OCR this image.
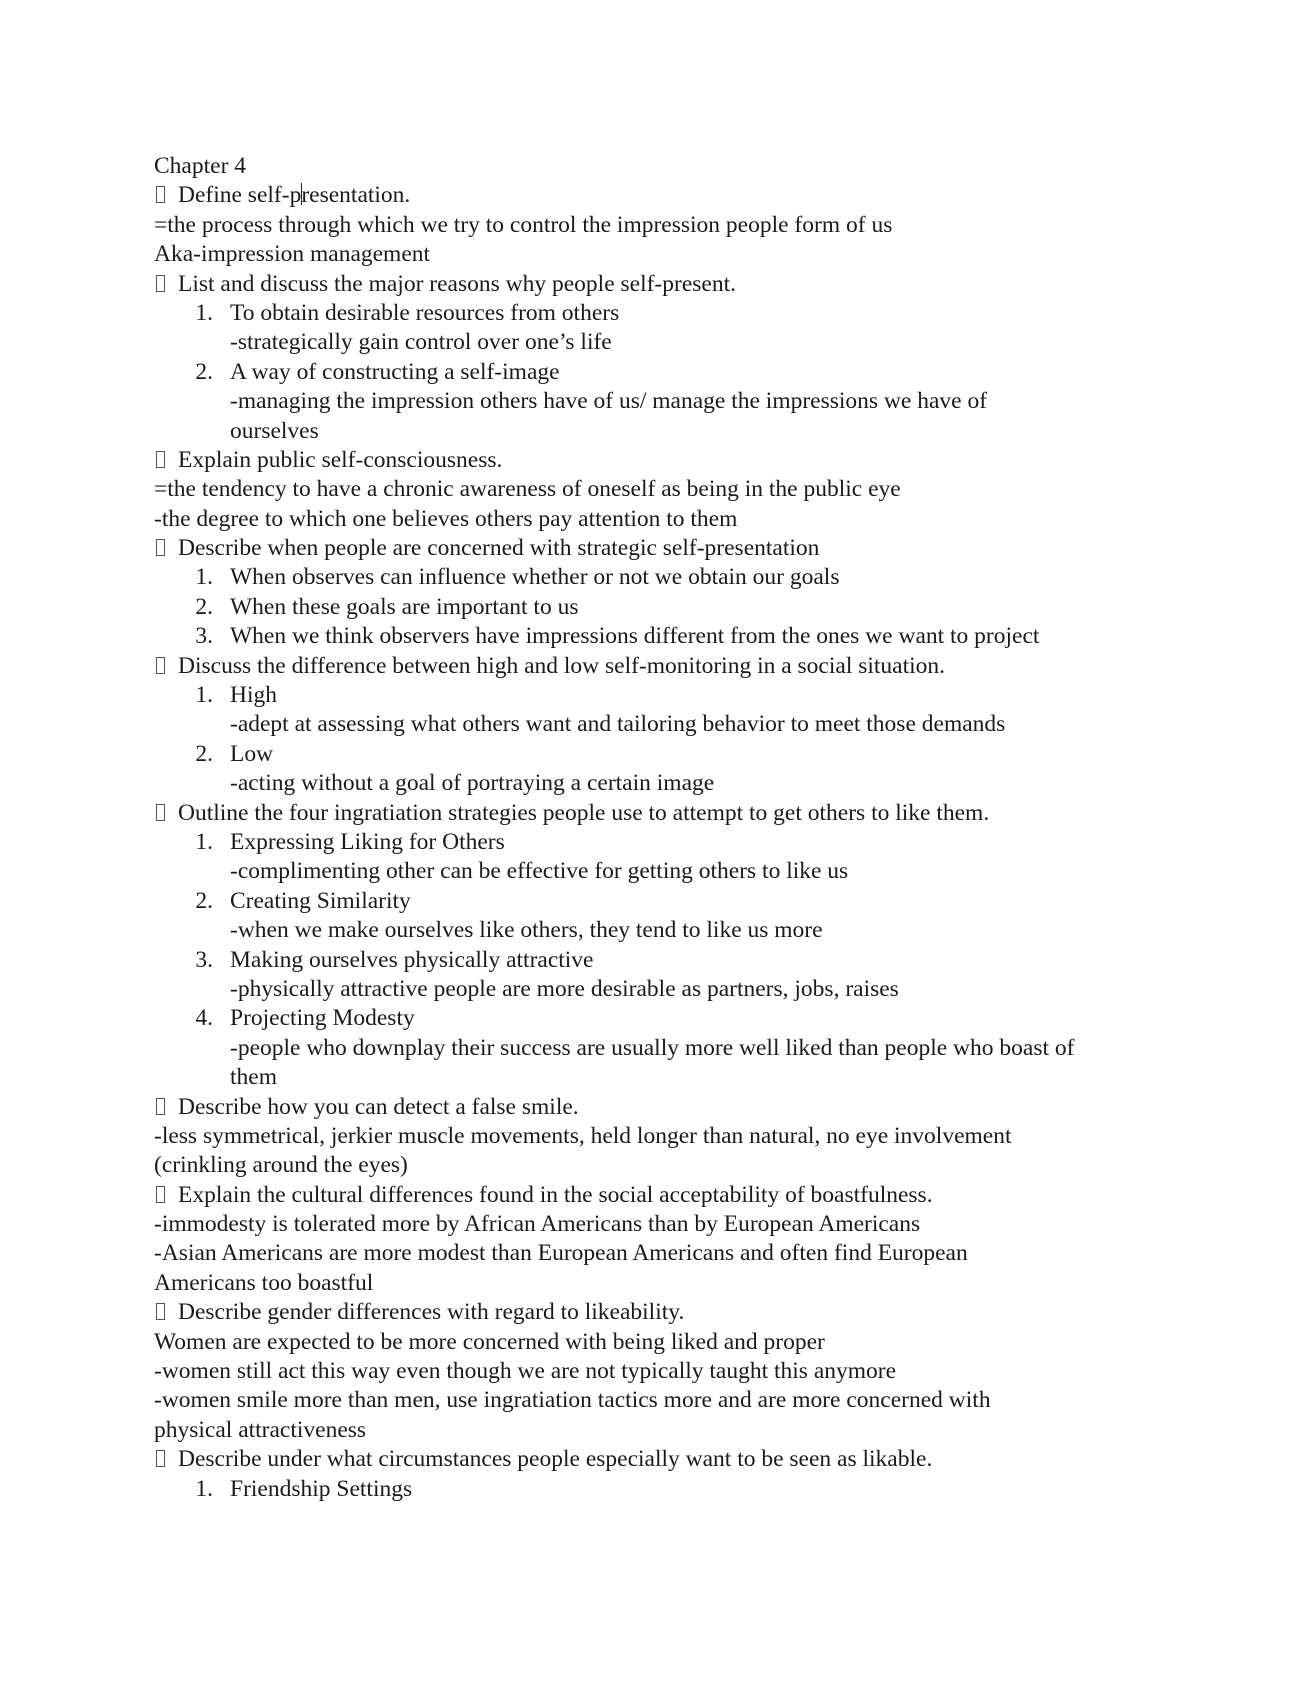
Chapter 4
Define self-presentation.
=the process through which we try to control the impression people form of us
Aka-impression management
List and discuss the major reasons why people self-present.
1. To obtain desirable resources from others
-strategically gain control over one’s life
2. A way of constructing a self-image
-managing the impression others have of us/ manage the impressions we have of
ourselves
Explain public self-consciousness.
=the tendency to have a chronic awareness of oneself as being in the public eye
-the degree to which one believes others pay attention to them
Describe when people are concerned with strategic self-presentation
1. When observes can influence whether or not we obtain our goals
2. When these goals are important to us
3. When we think observers have impressions different from the ones we want to project
Discuss the difference between high and low self-monitoring in a social situation.
1. High
-adept at assessing what others want and tailoring behavior to meet those demands
2. Low
-acting without a goal of portraying a certain image
Outline the four ingratiation strategies people use to attempt to get others to like them.
1. Expressing Liking for Others
-complimenting other can be effective for getting others to like us
2. Creating Similarity
-when we make ourselves like others, they tend to like us more
3. Making ourselves physically attractive
-physically attractive people are more desirable as partners, jobs, raises
4. Projecting Modesty
-people who downplay their success are usually more well liked than people who boast of
them
Describe how you can detect a false smile.
-less symmetrical, jerkier muscle movements, held longer than natural, no eye involvement
(crinkling around the eyes)
Explain the cultural differences found in the social acceptability of boastfulness.
-immodesty is tolerated more by African Americans than by European Americans
-Asian Americans are more modest than European Americans and often find European
Americans too boastful
Describe gender differences with regard to likeability.
Women are expected to be more concerned with being liked and proper
-women still act this way even though we are not typically taught this anymore
-women smile more than men, use ingratiation tactics more and are more concerned with
physical attractiveness
Describe under what circumstances people especially want to be seen as likable.
1. Friendship Settings
